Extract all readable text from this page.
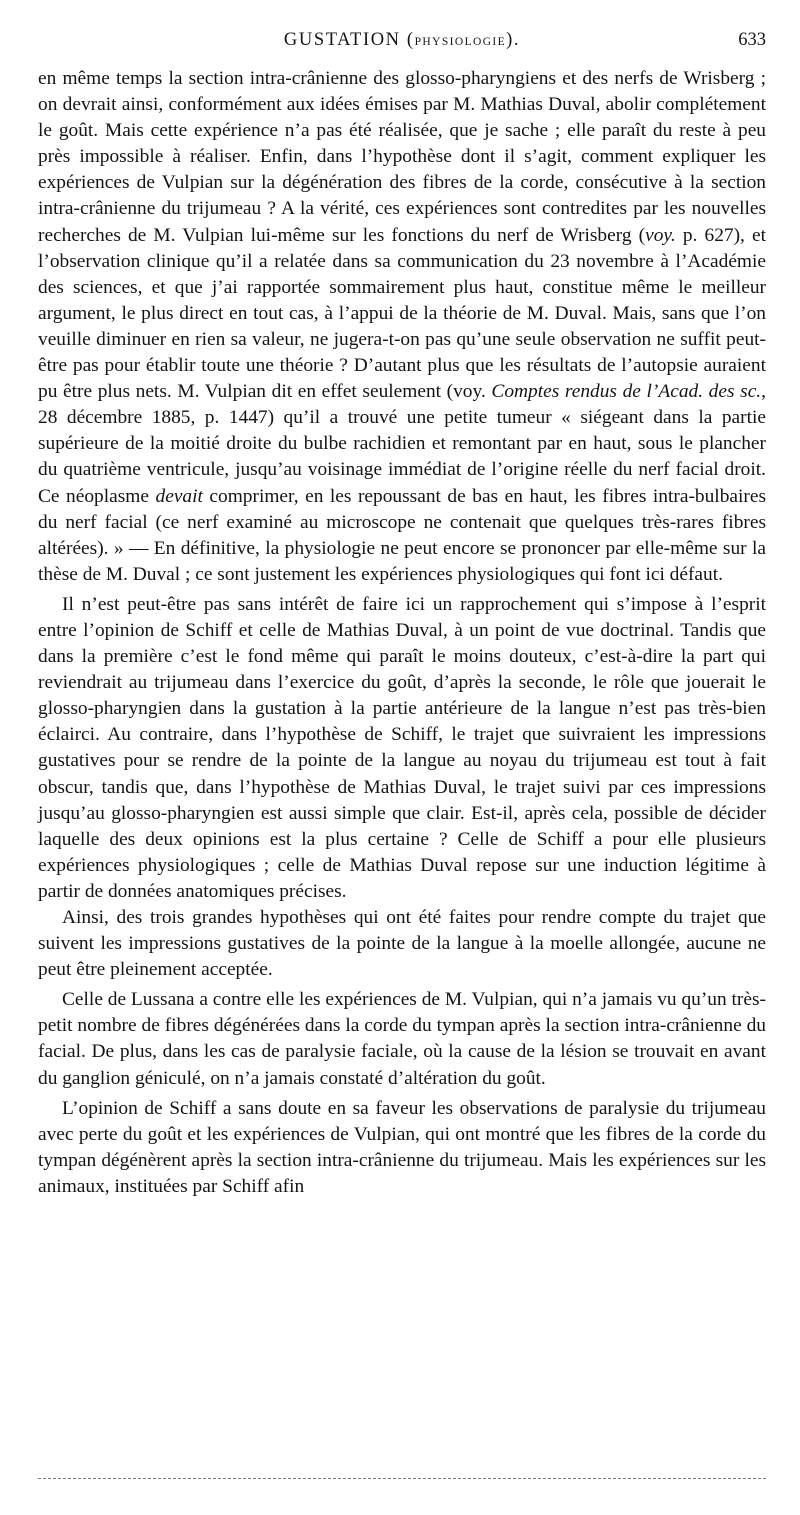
GUSTATION (PHYSIOLOGIE).	633

en même temps la section intra-crânienne des glosso-pharyngiens et des nerfs de Wrisberg ; on devrait ainsi, conformément aux idées émises par M. Mathias Duval, abolir complétement le goût. Mais cette expérience n’a pas été réalisée, que je sache ; elle paraît du reste à peu près impossible à réaliser. Enfin, dans l’hypothèse dont il s’agit, comment expliquer les expériences de Vulpian sur la dégénération des fibres de la corde, consécutive à la section intra-crânienne du trijumeau ? A la vérité, ces expériences sont contredites par les nouvelles recherches de M. Vulpian lui-même sur les fonctions du nerf de Wrisberg (voy. p. 627), et l’observation clinique qu’il a relatée dans sa communication du 23 novembre à l’Académie des sciences, et que j’ai rapportée sommairement plus haut, constitue même le meilleur argument, le plus direct en tout cas, à l’appui de la théorie de M. Duval. Mais, sans que l’on veuille diminuer en rien sa valeur, ne jugera-t-on pas qu’une seule observation ne suffit peut-être pas pour établir toute une théorie ? D’autant plus que les résultats de l’autopsie auraient pu être plus nets. M. Vulpian dit en effet seulement (voy. Comptes rendus de l’Acad. des sc., 28 décembre 1885, p. 1447) qu’il a trouvé une petite tumeur « siégeant dans la partie supérieure de la moitié droite du bulbe rachidien et remontant par en haut, sous le plancher du quatrième ventricule, jusqu’au voisinage immédiat de l’origine réelle du nerf facial droit. Ce néoplasme devait comprimer, en les repoussant de bas en haut, les fibres intra-bulbaires du nerf facial (ce nerf examiné au microscope ne contenait que quelques très-rares fibres altérées). » — En définitive, la physiologie ne peut encore se prononcer par elle-même sur la thèse de M. Duval ; ce sont justement les expériences physiologiques qui font ici défaut.

Il n’est peut-être pas sans intérêt de faire ici un rapprochement qui s’impose à l’esprit entre l’opinion de Schiff et celle de Mathias Duval, à un point de vue doctrinal. Tandis que dans la première c’est le fond même qui paraît le moins douteux, c’est-à-dire la part qui reviendrait au trijumeau dans l’exercice du goût, d’après la seconde, le rôle que jouerait le glosso-pharyngien dans la gustation à la partie antérieure de la langue n’est pas très-bien éclairci. Au contraire, dans l’hypothèse de Schiff, le trajet que suivraient les impressions gustatives pour se rendre de la pointe de la langue au noyau du trijumeau est tout à fait obscur, tandis que, dans l’hypothèse de Mathias Duval, le trajet suivi par ces impressions jusqu’au glosso-pharyngien est aussi simple que clair. Est-il, après cela, possible de décider laquelle des deux opinions est la plus certaine ? Celle de Schiff a pour elle plusieurs expériences physiologiques ; celle de Mathias Duval repose sur une induction légitime à partir de données anatomiques précises.

Ainsi, des trois grandes hypothèses qui ont été faites pour rendre compte du trajet que suivent les impressions gustatives de la pointe de la langue à la moelle allongée, aucune ne peut être pleinement acceptée.

Celle de Lussana a contre elle les expériences de M. Vulpian, qui n’a jamais vu qu’un très-petit nombre de fibres dégénérées dans la corde du tympan après la section intra-crânienne du facial. De plus, dans les cas de paralysie faciale, où la cause de la lésion se trouvait en avant du ganglion géniculé, on n’a jamais constaté d’altération du goût.

L’opinion de Schiff a sans doute en sa faveur les observations de paralysie du trijumeau avec perte du goût et les expériences de Vulpian, qui ont montré que les fibres de la corde du tympan dégénèrent après la section intra-crânienne du trijumeau. Mais les expériences sur les animaux, instituées par Schiff afin
